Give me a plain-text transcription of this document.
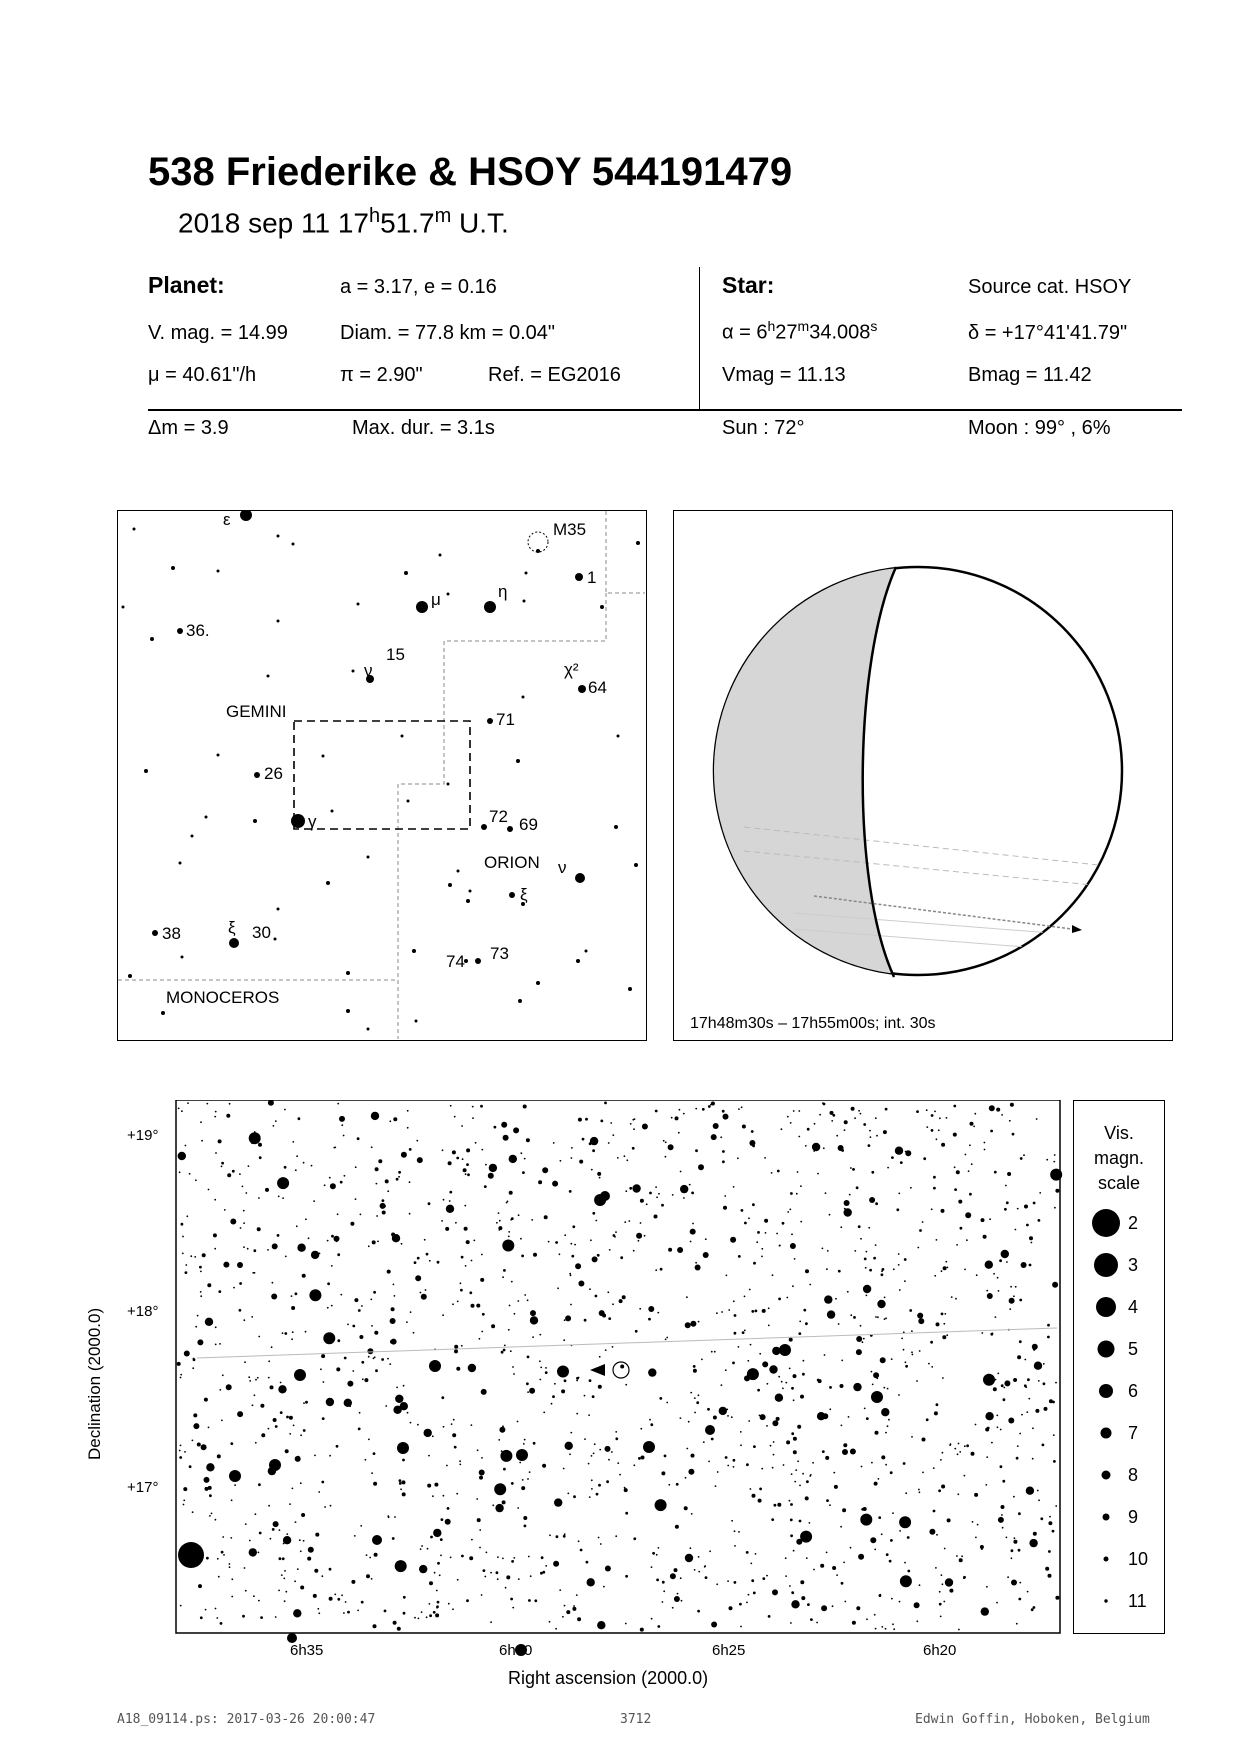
538 Friederike & HSOY 544191479
2018 sep 11 17$^h$51.7$^m$ U.T.
Planet:	a = 3.17, e = 0.16
V. mag. = 14.99	Diam. = 77.8 km = 0.04"
μ = 40.61"/h	π = 2.90"	Ref. = EG2016
Star:	Source cat. HSOY
$\alpha = 6^h27^m34.008^s$	δ = +17°41'41.79"
Vmag = 11.13	Bmag = 11.42
Δm = 3.9	Max. dur. = 3.1s	Sun : 72°	Moon : 99° , 6%
ε
M35
1
μ	η
36.
15
ν	χ²
64
GEMINI	71
26
γ	72 69
ORION ν
ξ
38	ξ 30
74 73
MONOCEROS
17h48m30s – 17h55m00s; int. 30s
+19°
+18°
+17°
6h35	6h30	6h25	6h20
Declination (2000.0)
Right ascension (2000.0)
Vis.
magn.
scale
2
3
4
5
6
7
8
9
10
11
A18_09114.ps: 2017-03-26 20:00:47	3712	Edwin Goffin, Hoboken, Belgium
